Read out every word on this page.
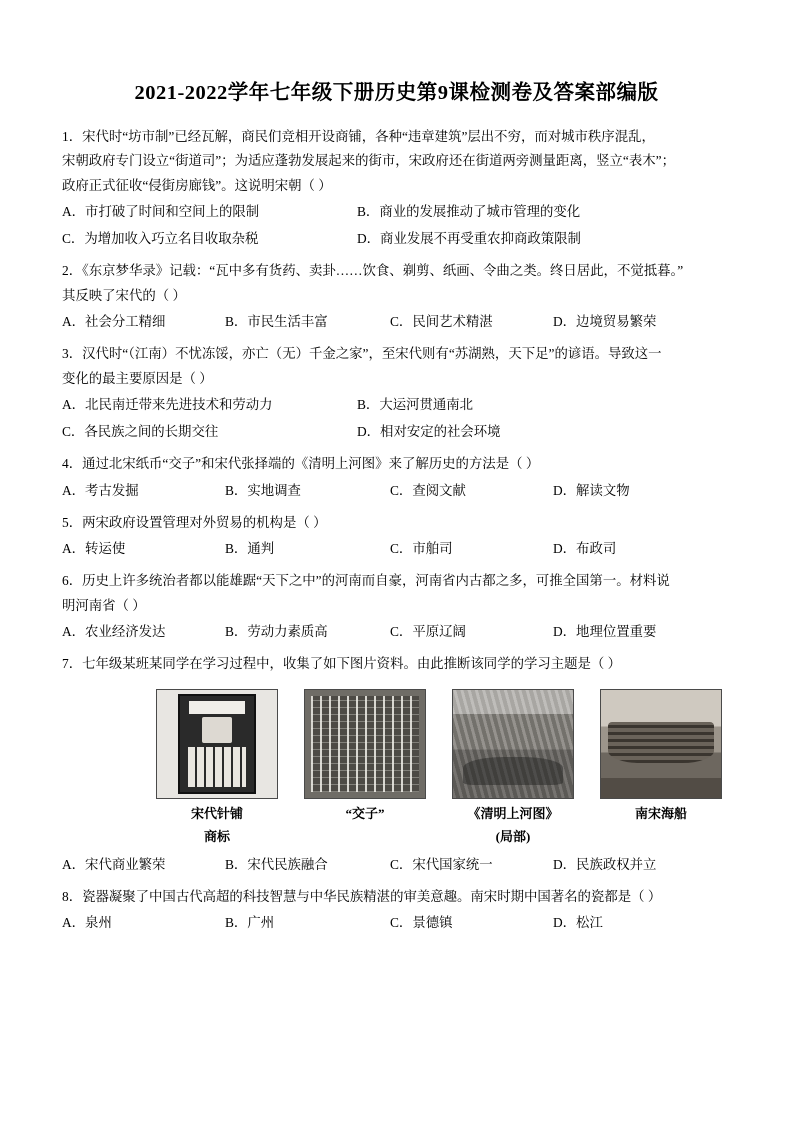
2021-2022学年七年级下册历史第9课检测卷及答案部编版
1．宋代时“坊市制”已经瓦解，商民们竞相开设商铺，各种“违章建筑”层出不穷，而对城市秩序混乱，
宋朝政府专门设立“街道司”；为适应蓬勃发展起来的街市，宋政府还在街道两旁测量距离，竖立“表木”；
政府正式征收“侵街房廊钱”。这说明宋朝（ ）
A．市打破了时间和空间上的限制	B．商业的发展推动了城市管理的变化
C．为增加收入巧立名目收取杂税	D．商业发展不再受重农抑商政策限制
2．《东京梦华录》记载：“瓦中多有货药、卖卦……饮食、剃剪、纸画、令曲之类。终日居此，不觉抵暮。”
其反映了宋代的（ ）
A．社会分工精细	B．市民生活丰富	C．民间艺术精湛	D．边境贸易繁荣
3．汉代时“（江南）不忧冻馁，亦亡（无）千金之家”，至宋代则有“苏湖熟，天下足”的谚语。导致这一
变化的最主要原因是（ ）
A．北民南迁带来先进技术和劳动力	B．大运河贯通南北
C．各民族之间的长期交往	D．相对安定的社会环境
4．通过北宋纸币“交子”和宋代张择端的《清明上河图》来了解历史的方法是（ ）
A．考古发掘	B．实地调查	C．查阅文献	D．解读文物
5．两宋政府设置管理对外贸易的机构是（ ）
A．转运使	B．通判	C．市舶司	D．布政司
6．历史上许多统治者都以能雄踞“天下之中”的河南而自豪，河南省内古都之多，可推全国第一。材料说
明河南省（ ）
A．农业经济发达	B．劳动力素质高	C．平原辽阔	D．地理位置重要
7．七年级某班某同学在学习过程中，收集了如下图片资料。由此推断该同学的学习主题是（ ）
宋代针铺
商标
“交子”	《清明上河图》
(局部)
南宋海船
A．宋代商业繁荣	B．宋代民族融合	C．宋代国家统一	D．民族政权并立
8．瓷器凝聚了中国古代高超的科技智慧与中华民族精湛的审美意趣。南宋时期中国著名的瓷都是（ ）
A．泉州	B．广州	C．景德镇	D．松江
